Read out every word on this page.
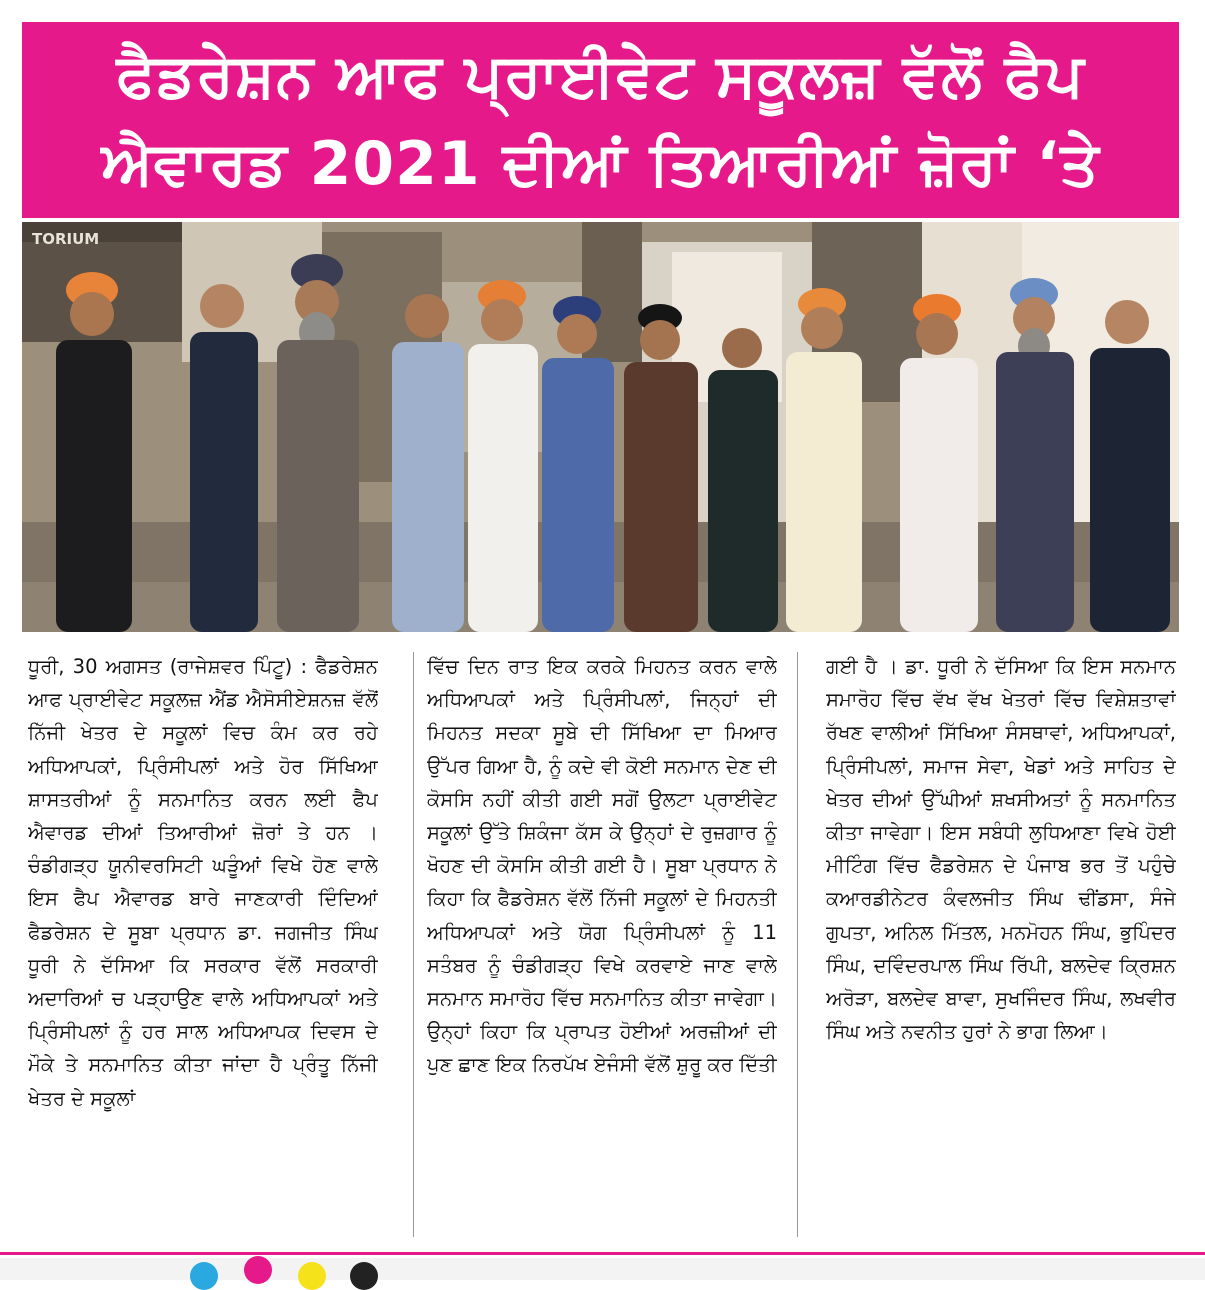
ਫੈਡਰੇਸ਼ਨ ਆਫ ਪ੍ਰਾਈਵੇਟ ਸਕੂਲਜ਼ ਵੱਲੋਂ ਫੈਪ
ਐਵਾਰਡ 2021 ਦੀਆਂ ਤਿਆਰੀਆਂ ਜ਼ੋਰਾਂ ‘ਤੇ
TORIUM
ਧੂਰੀ, 30 ਅਗਸਤ (ਰਾਜੇਸ਼ਵਰ ਪਿੰਟੂ) : ਫੈਡਰੇਸ਼ਨ ਆਫ ਪ੍ਰਾਈਵੇਟ ਸਕੂਲਜ਼ ਐਂਡ ਐਸੋਸੀਏਸ਼ਨਜ਼ ਵੱਲੋਂ ਨਿੱਜੀ ਖੇਤਰ ਦੇ ਸਕੂਲਾਂ ਵਿਚ ਕੰਮ ਕਰ ਰਹੇ ਅਧਿਆਪਕਾਂ, ਪ੍ਰਿੰਸੀਪਲਾਂ ਅਤੇ ਹੋਰ ਸਿੱਖਿਆ ਸ਼ਾਸਤਰੀਆਂ ਨੂੰ ਸਨਮਾਨਿਤ ਕਰਨ ਲਈ ਫੈਪ ਐਵਾਰਡ ਦੀਆਂ ਤਿਆਰੀਆਂ ਜ਼ੋਰਾਂ ਤੇ ਹਨ । ਚੰਡੀਗੜ੍ਹ ਯੂਨੀਵਰਸਿਟੀ ਘੜੂੰਆਂ ਵਿਖੇ ਹੋਣ ਵਾਲੇ ਇਸ ਫੈਪ ਐਵਾਰਡ ਬਾਰੇ ਜਾਣਕਾਰੀ ਦਿੰਦਿਆਂ ਫੈਡਰੇਸ਼ਨ ਦੇ ਸੂਬਾ ਪ੍ਰਧਾਨ ਡਾ. ਜਗਜੀਤ ਸਿੰਘ ਧੂਰੀ ਨੇ ਦੱਸਿਆ ਕਿ ਸਰਕਾਰ ਵੱਲੋਂ ਸਰਕਾਰੀ ਅਦਾਰਿਆਂ ਚ ਪੜ੍ਹਾਉਣ ਵਾਲੇ ਅਧਿਆਪਕਾਂ ਅਤੇ ਪ੍ਰਿੰਸੀਪਲਾਂ ਨੂੰ ਹਰ ਸਾਲ ਅਧਿਆਪਕ ਦਿਵਸ ਦੇ ਮੌਕੇ ਤੇ ਸਨਮਾਨਿਤ ਕੀਤਾ ਜਾਂਦਾ ਹੈ ਪ੍ਰੰਤੂ ਨਿੱਜੀ ਖੇਤਰ ਦੇ ਸਕੂਲਾਂ
ਵਿੱਚ ਦਿਨ ਰਾਤ ਇਕ ਕਰਕੇ ਮਿਹਨਤ ਕਰਨ ਵਾਲੇ ਅਧਿਆਪਕਾਂ ਅਤੇ ਪ੍ਰਿੰਸੀਪਲਾਂ, ਜਿਨ੍ਹਾਂ ਦੀ ਮਿਹਨਤ ਸਦਕਾ ਸੂਬੇ ਦੀ ਸਿੱਖਿਆ ਦਾ ਮਿਆਰ ਉੱਪਰ ਗਿਆ ਹੈ, ਨੂੰ ਕਦੇ ਵੀ ਕੋਈ ਸਨਮਾਨ ਦੇਣ ਦੀ ਕੋਸਸਿ ਨਹੀਂ ਕੀਤੀ ਗਈ ਸਗੋਂ ਉਲਟਾ ਪ੍ਰਾਈਵੇਟ ਸਕੂਲਾਂ ਉੱਤੇ ਸ਼ਿਕੰਜਾ ਕੱਸ ਕੇ ਉਨ੍ਹਾਂ ਦੇ ਰੁਜ਼ਗਾਰ ਨੂੰ ਖੋਹਣ ਦੀ ਕੋਸਸਿ ਕੀਤੀ ਗਈ ਹੈ। ਸੂਬਾ ਪ੍ਰਧਾਨ ਨੇ ਕਿਹਾ ਕਿ ਫੈਡਰੇਸ਼ਨ ਵੱਲੋਂ ਨਿੱਜੀ ਸਕੂਲਾਂ ਦੇ ਮਿਹਨਤੀ ਅਧਿਆਪਕਾਂ ਅਤੇ ਯੋਗ ਪ੍ਰਿੰਸੀਪਲਾਂ ਨੂੰ 11 ਸਤੰਬਰ ਨੂੰ ਚੰਡੀਗੜ੍ਹ ਵਿਖੇ ਕਰਵਾਏ ਜਾਣ ਵਾਲੇ ਸਨਮਾਨ ਸਮਾਰੋਹ ਵਿੱਚ ਸਨਮਾਨਿਤ ਕੀਤਾ ਜਾਵੇਗਾ। ਉਨ੍ਹਾਂ ਕਿਹਾ ਕਿ ਪ੍ਰਾਪਤ ਹੋਈਆਂ ਅਰਜ਼ੀਆਂ ਦੀ ਪੁਣ ਛਾਣ ਇਕ ਨਿਰਪੱਖ ਏਜੰਸੀ ਵੱਲੋਂ ਸ਼ੁਰੂ ਕਰ ਦਿੱਤੀ
ਗਈ ਹੈ । ਡਾ. ਧੂਰੀ ਨੇ ਦੱਸਿਆ ਕਿ ਇਸ ਸਨਮਾਨ ਸਮਾਰੋਹ ਵਿੱਚ ਵੱਖ ਵੱਖ ਖੇਤਰਾਂ ਵਿੱਚ ਵਿਸ਼ੇਸ਼ਤਾਵਾਂ ਰੱਖਣ ਵਾਲੀਆਂ ਸਿੱਖਿਆ ਸੰਸਥਾਵਾਂ, ਅਧਿਆਪਕਾਂ, ਪ੍ਰਿੰਸੀਪਲਾਂ, ਸਮਾਜ ਸੇਵਾ, ਖੇਡਾਂ ਅਤੇ ਸਾਹਿਤ ਦੇ ਖੇਤਰ ਦੀਆਂ ਉੱਘੀਆਂ ਸ਼ਖਸੀਅਤਾਂ ਨੂੰ ਸਨਮਾਨਿਤ ਕੀਤਾ ਜਾਵੇਗਾ। ਇਸ ਸਬੰਧੀ ਲੁਧਿਆਣਾ ਵਿਖੇ ਹੋਈ ਮੀਟਿੰਗ ਵਿੱਚ ਫੈਡਰੇਸ਼ਨ ਦੇ ਪੰਜਾਬ ਭਰ ਤੋਂ ਪਹੁੰਚੇ ਕਆਰਡੀਨੇਟਰ ਕੰਵਲਜੀਤ ਸਿੰਘ ਢੀਂਡਸਾ, ਸੰਜੇ ਗੁਪਤਾ, ਅਨਿਲ ਮਿੱਤਲ, ਮਨਮੋਹਨ ਸਿੰਘ, ਭੁਪਿੰਦਰ ਸਿੰਘ, ਦਵਿੰਦਰਪਾਲ ਸਿੰਘ ਰਿੱਪੀ, ਬਲਦੇਵ ਕ੍ਰਿਸ਼ਨ ਅਰੋੜਾ, ਬਲਦੇਵ ਬਾਵਾ, ਸੁਖਜਿੰਦਰ ਸਿੰਘ, ਲਖਵੀਰ ਸਿੰਘ ਅਤੇ ਨਵਨੀਤ ਹੁਰਾਂ ਨੇ ਭਾਗ ਲਿਆ।
